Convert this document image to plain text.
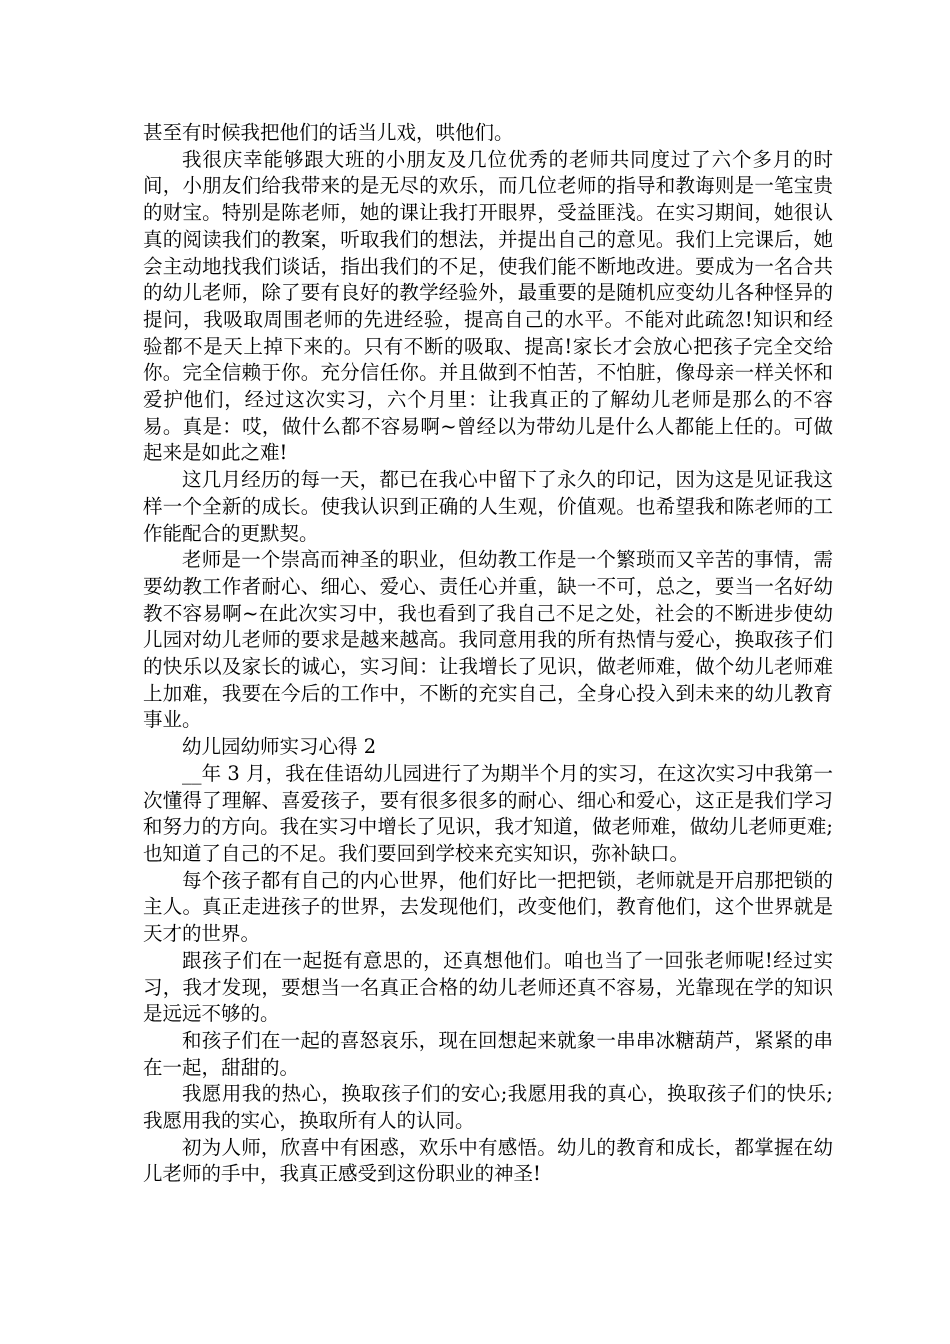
甚至有时候我把他们的话当儿戏，哄他们。

我很庆幸能够跟大班的小朋友及几位优秀的老师共同度过了六个多月的时间，小朋友们给我带来的是无尽的欢乐，而几位老师的指导和教诲则是一笔宝贵的财宝。特别是陈老师，她的课让我打开眼界，受益匪浅。在实习期间，她很认真的阅读我们的教案，听取我们的想法，并提出自己的意见。我们上完课后，她会主动地找我们谈话，指出我们的不足，使我们能不断地改进。要成为一名合共的幼儿老师，除了要有良好的教学经验外，最重要的是随机应变幼儿各种怪异的提问，我吸取周围老师的先进经验，提高自己的水平。不能对此疏忽!知识和经验都不是天上掉下来的。只有不断的吸取、提高!家长才会放心把孩子完全交给你。完全信赖于你。充分信任你。并且做到不怕苦，不怕脏，像母亲一样关怀和爱护他们，经过这次实习，六个月里：让我真正的了解幼儿老师是那么的不容易。真是：哎，做什么都不容易啊~曾经以为带幼儿是什么人都能上任的。可做起来是如此之难!

这几月经历的每一天，都已在我心中留下了永久的印记，因为这是见证我这样一个全新的成长。使我认识到正确的人生观，价值观。也希望我和陈老师的工作能配合的更默契。

老师是一个崇高而神圣的职业，但幼教工作是一个繁琐而又辛苦的事情，需要幼教工作者耐心、细心、爱心、责任心并重，缺一不可，总之，要当一名好幼教不容易啊~在此次实习中，我也看到了我自己不足之处，社会的不断进步使幼儿园对幼儿老师的要求是越来越高。我同意用我的所有热情与爱心，换取孩子们的快乐以及家长的诚心，实习间：让我增长了见识，做老师难，做个幼儿老师难上加难，我要在今后的工作中，不断的充实自己，全身心投入到未来的幼儿教育事业。

幼儿园幼师实习心得 2

__年 3 月，我在佳语幼儿园进行了为期半个月的实习，在这次实习中我第一次懂得了理解、喜爱孩子，要有很多很多的耐心、细心和爱心，这正是我们学习和努力的方向。我在实习中增长了见识，我才知道，做老师难，做幼儿老师更难;也知道了自己的不足。我们要回到学校来充实知识，弥补缺口。

每个孩子都有自己的内心世界，他们好比一把把锁，老师就是开启那把锁的主人。真正走进孩子的世界，去发现他们，改变他们，教育他们，这个世界就是天才的世界。

跟孩子们在一起挺有意思的，还真想他们。咱也当了一回张老师呢!经过实习，我才发现，要想当一名真正合格的幼儿老师还真不容易，光靠现在学的知识是远远不够的。

和孩子们在一起的喜怒哀乐，现在回想起来就象一串串冰糖葫芦，紧紧的串在一起，甜甜的。

我愿用我的热心，换取孩子们的安心;我愿用我的真心，换取孩子们的快乐;我愿用我的实心，换取所有人的认同。

初为人师，欣喜中有困惑，欢乐中有感悟。幼儿的教育和成长，都掌握在幼儿老师的手中，我真正感受到这份职业的神圣!
